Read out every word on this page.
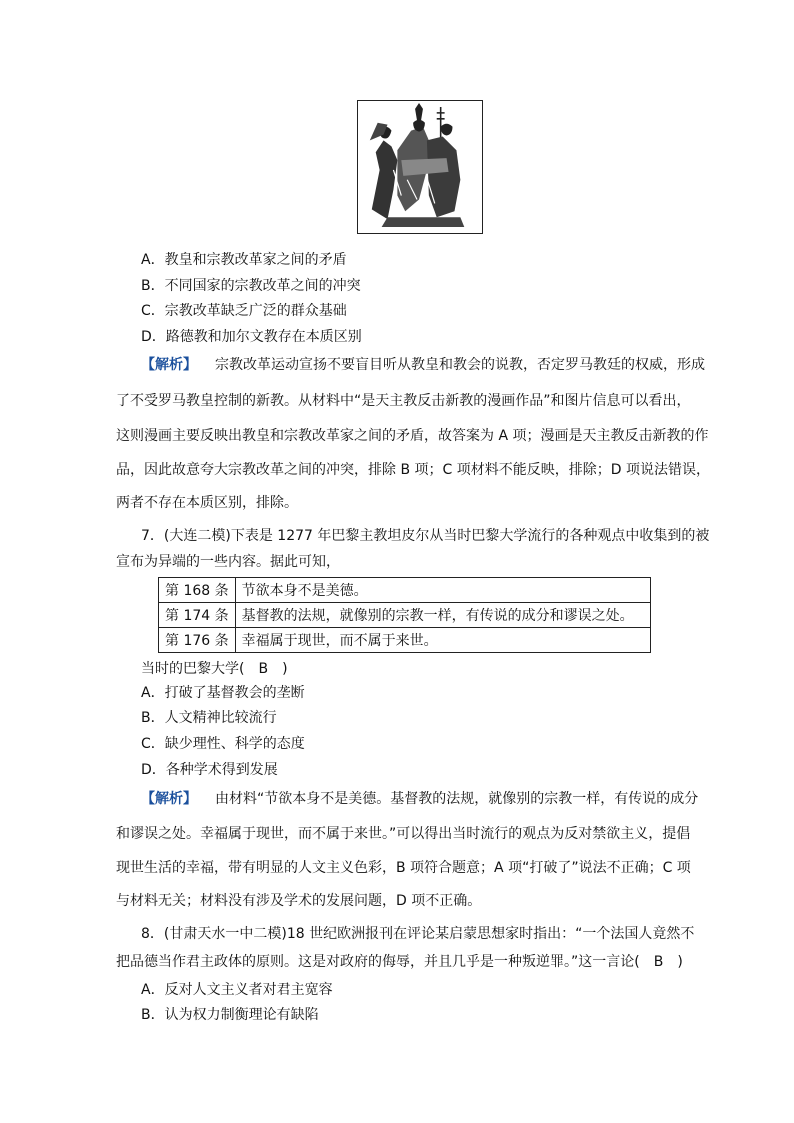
A．教皇和宗教改革家之间的矛盾
B．不同国家的宗教改革之间的冲突
C．宗教改革缺乏广泛的群众基础
D．路德教和加尔文教存在本质区别
【解析】 宗教改革运动宣扬不要盲目听从教皇和教会的说教，否定罗马教廷的权威，形成
了不受罗马教皇控制的新教。从材料中“是天主教反击新教的漫画作品”和图片信息可以看出，
这则漫画主要反映出教皇和宗教改革家之间的矛盾，故答案为 A 项；漫画是天主教反击新教的作
品，因此故意夸大宗教改革之间的冲突，排除 B 项；C 项材料不能反映，排除；D 项说法错误，
两者不存在本质区别，排除。
7．(大连二模)下表是 1277 年巴黎主教坦皮尔从当时巴黎大学流行的各种观点中收集到的被
宣布为异端的一些内容。据此可知，
第 168 条	节欲本身不是美德。
第 174 条	基督教的法规，就像别的宗教一样，有传说的成分和谬误之处。
第 176 条	幸福属于现世，而不属于来世。
当时的巴黎大学(　B　)
A．打破了基督教会的垄断
B．人文精神比较流行
C．缺少理性、科学的态度
D．各种学术得到发展
【解析】 由材料“节欲本身不是美德。基督教的法规，就像别的宗教一样，有传说的成分
和谬误之处。幸福属于现世，而不属于来世。”可以得出当时流行的观点为反对禁欲主义，提倡
现世生活的幸福，带有明显的人文主义色彩，B 项符合题意；A 项“打破了”说法不正确；C 项
与材料无关；材料没有涉及学术的发展问题，D 项不正确。
8．(甘肃天水一中二模)18 世纪欧洲报刊在评论某启蒙思想家时指出：“一个法国人竟然不
把品德当作君主政体的原则。这是对政府的侮辱，并且几乎是一种叛逆罪。”这一言论(　B　)
A．反对人文主义者对君主宽容
B．认为权力制衡理论有缺陷
